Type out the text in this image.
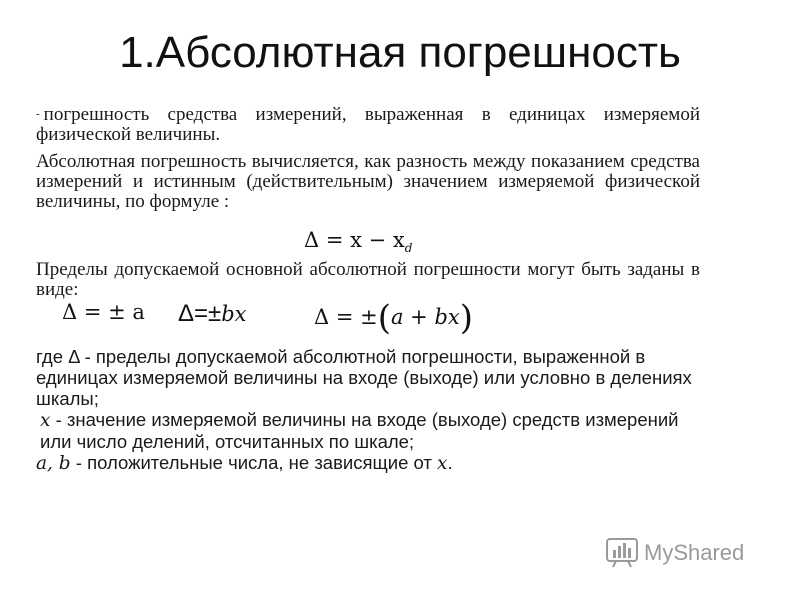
1.Абсолютная погрешность
- погрешность средства измерений, выраженная в единицах измеряемой физической величины.
Абсолютная погрешность вычисляется, как разность между показанием средства измерений и истинным (действительным) значением измеряемой физической величины, по формуле :
$\Delta = x - x_d$
Пределы допускаемой основной абсолютной погрешности могут быть заданы в виде:
Δ = ± a Δ=±bx	Δ = ±(a + bx)
где Δ - пределы допускаемой абсолютной погрешности, выраженной в единицах измеряемой величины на входе (выходе) или условно в делениях шкалы;
x - значение измеряемой величины на входе (выходе) средств измерений или число делений, отсчитанных по шкале;
a, b - положительные числа, не зависящие от x.
MyShared
